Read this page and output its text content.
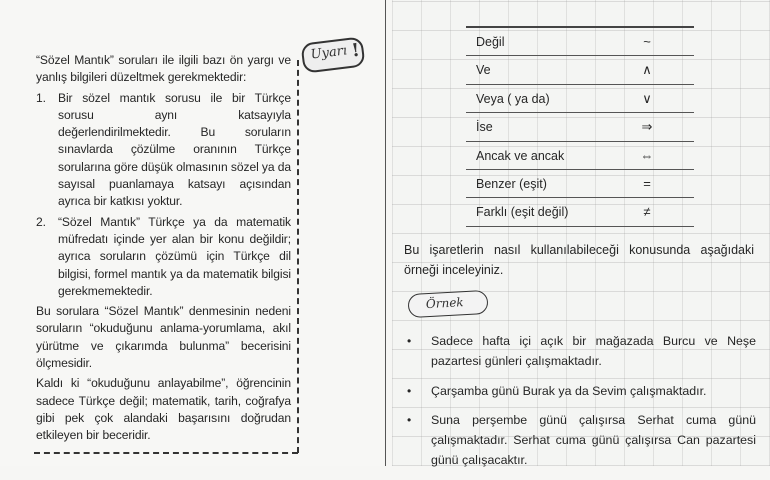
“Sözel Mantık” soruları ile ilgili bazı ön yargı ve yanlış bilgileri düzeltmek gerekmektedir:

1. Bir sözel mantık sorusu ile bir Türkçe sorusu aynı katsayıyla değerlendirilmektedir. Bu soruların sınavlarda çözülme oranının Türkçe sorularına göre düşük olmasının sözel ya da sayısal puanlamaya katsayı açısından ayrıca bir katkısı yoktur.
2. “Sözel Mantık” Türkçe ya da matematik müfredatı içinde yer alan bir konu değildir; ayrıca soruların çözümü için Türkçe dil bilgisi, formel mantık ya da matematik bilgisi gerekmemektedir.

Bu sorulara “Sözel Mantık” denmesinin nedeni soruların “okuduğunu anlama-yorumlama, akıl yürütme ve çıkarımda bulunma” becerisini ölçmesidir.

Kaldı ki “okuduğunu anlayabilme”, öğrencinin sadece Türkçe değil; matematik, tarih, coğrafya gibi pek çok alandaki başarısını doğrudan etkileyen bir beceridir.

Uyarı !	Değil	~
Ve	∧
Veya ( ya da)	∨
İse	⇒
Ancak ve ancak	⇔
Benzer (eşit)	=
Farklı (eşit değil)	≠
Bu işaretlerin nasıl kullanılabileceği konusunda aşağıdaki örneği inceleyiniz.
Örnek
• Sadece hafta içi açık bir mağazada Burcu ve Neşe pazartesi günleri çalışmaktadır.
• Çarşamba günü Burak ya da Sevim çalışmaktadır.
• Suna perşembe günü çalışırsa Serhat cuma günü çalışmaktadır. Serhat cuma günü çalışırsa Can pazartesi günü çalışacaktır.
